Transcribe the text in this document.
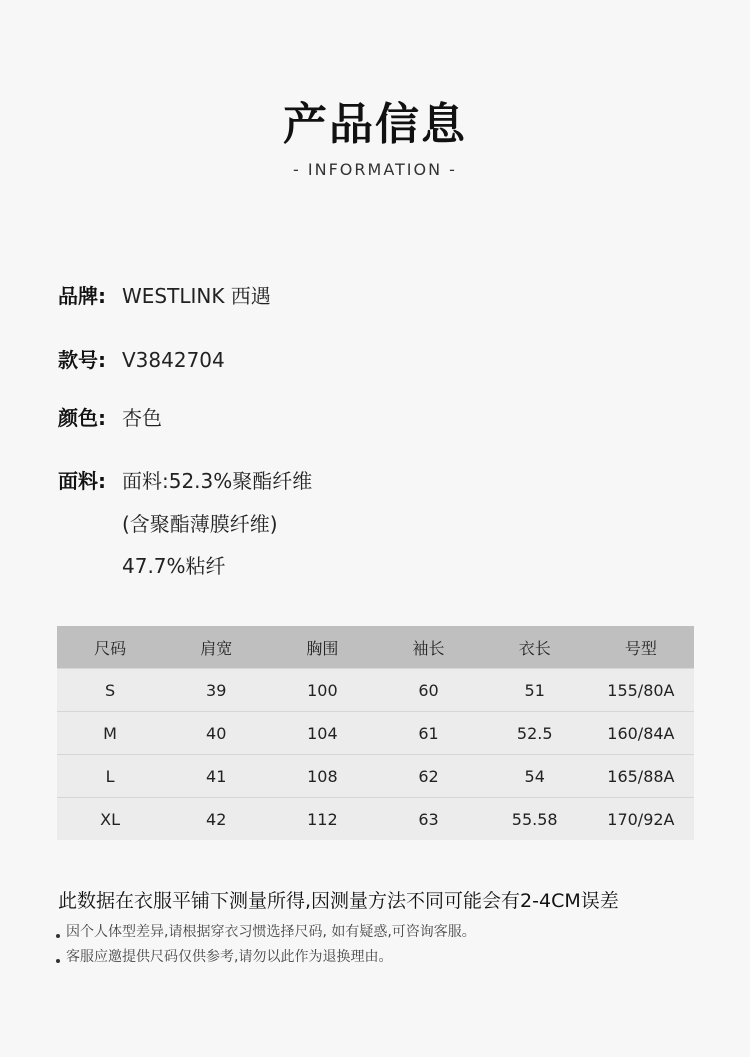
产品信息
- INFORMATION -
品牌: WESTLINK 西遇
款号: V3842704
颜色: 杏色
面料: 面料:52.3%聚酯纤维
(含聚酯薄膜纤维)
47.7%粘纤
尺码	肩宽	胸围	袖长	衣长	号型
S	39	100	60	51	155/80A
M	40	104	61	52.5	160/84A
L	41	108	62	54	165/88A
XL	42	112	63	55.58	170/92A
此数据在衣服平铺下测量所得,因测量方法不同可能会有2-4CM误差
因个人体型差异,请根据穿衣习惯选择尺码, 如有疑惑,可咨询客服。
客服应邀提供尺码仅供参考,请勿以此作为退换理由。
